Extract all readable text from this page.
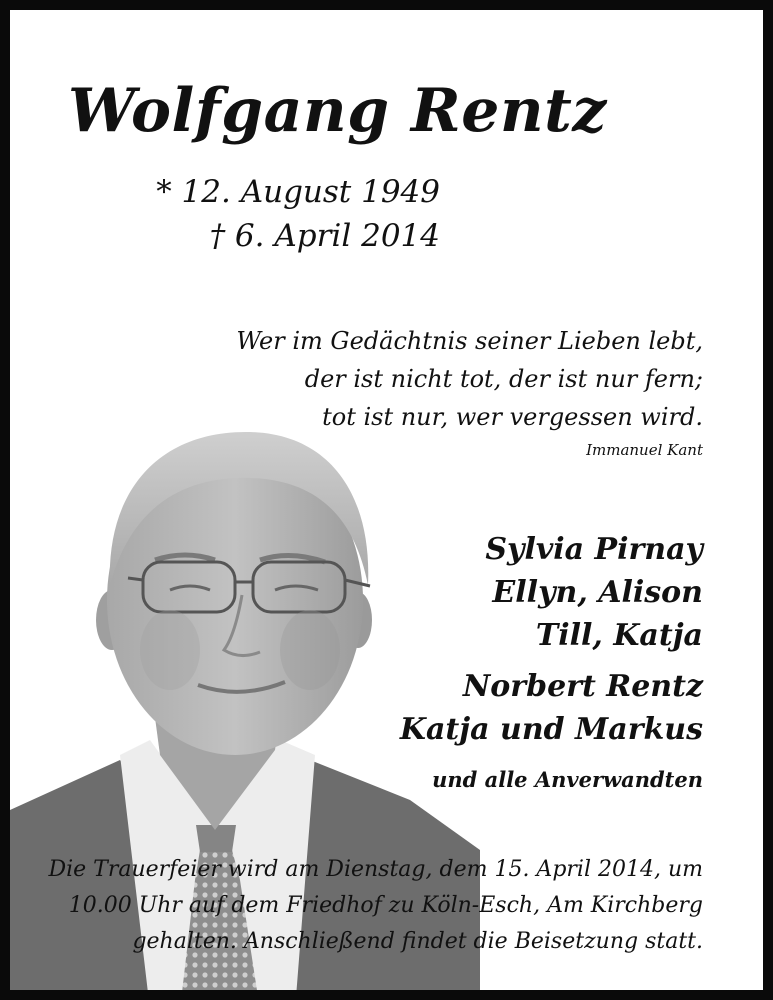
Wolfgang Rentz
* 12. August 1949
† 6. April 2014
Wer im Gedächtnis seiner Lieben lebt,
der ist nicht tot, der ist nur fern;
tot ist nur, wer vergessen wird.
Immanuel Kant
Sylvia Pirnay
Ellyn, Alison
Till, Katja
Norbert Rentz
Katja und Markus
und alle Anverwandten
Die Trauerfeier wird am Dienstag, dem 15. April 2014, um
10.00 Uhr auf dem Friedhof zu Köln-Esch, Am Kirchberg
gehalten. Anschließend findet die Beisetzung statt.
